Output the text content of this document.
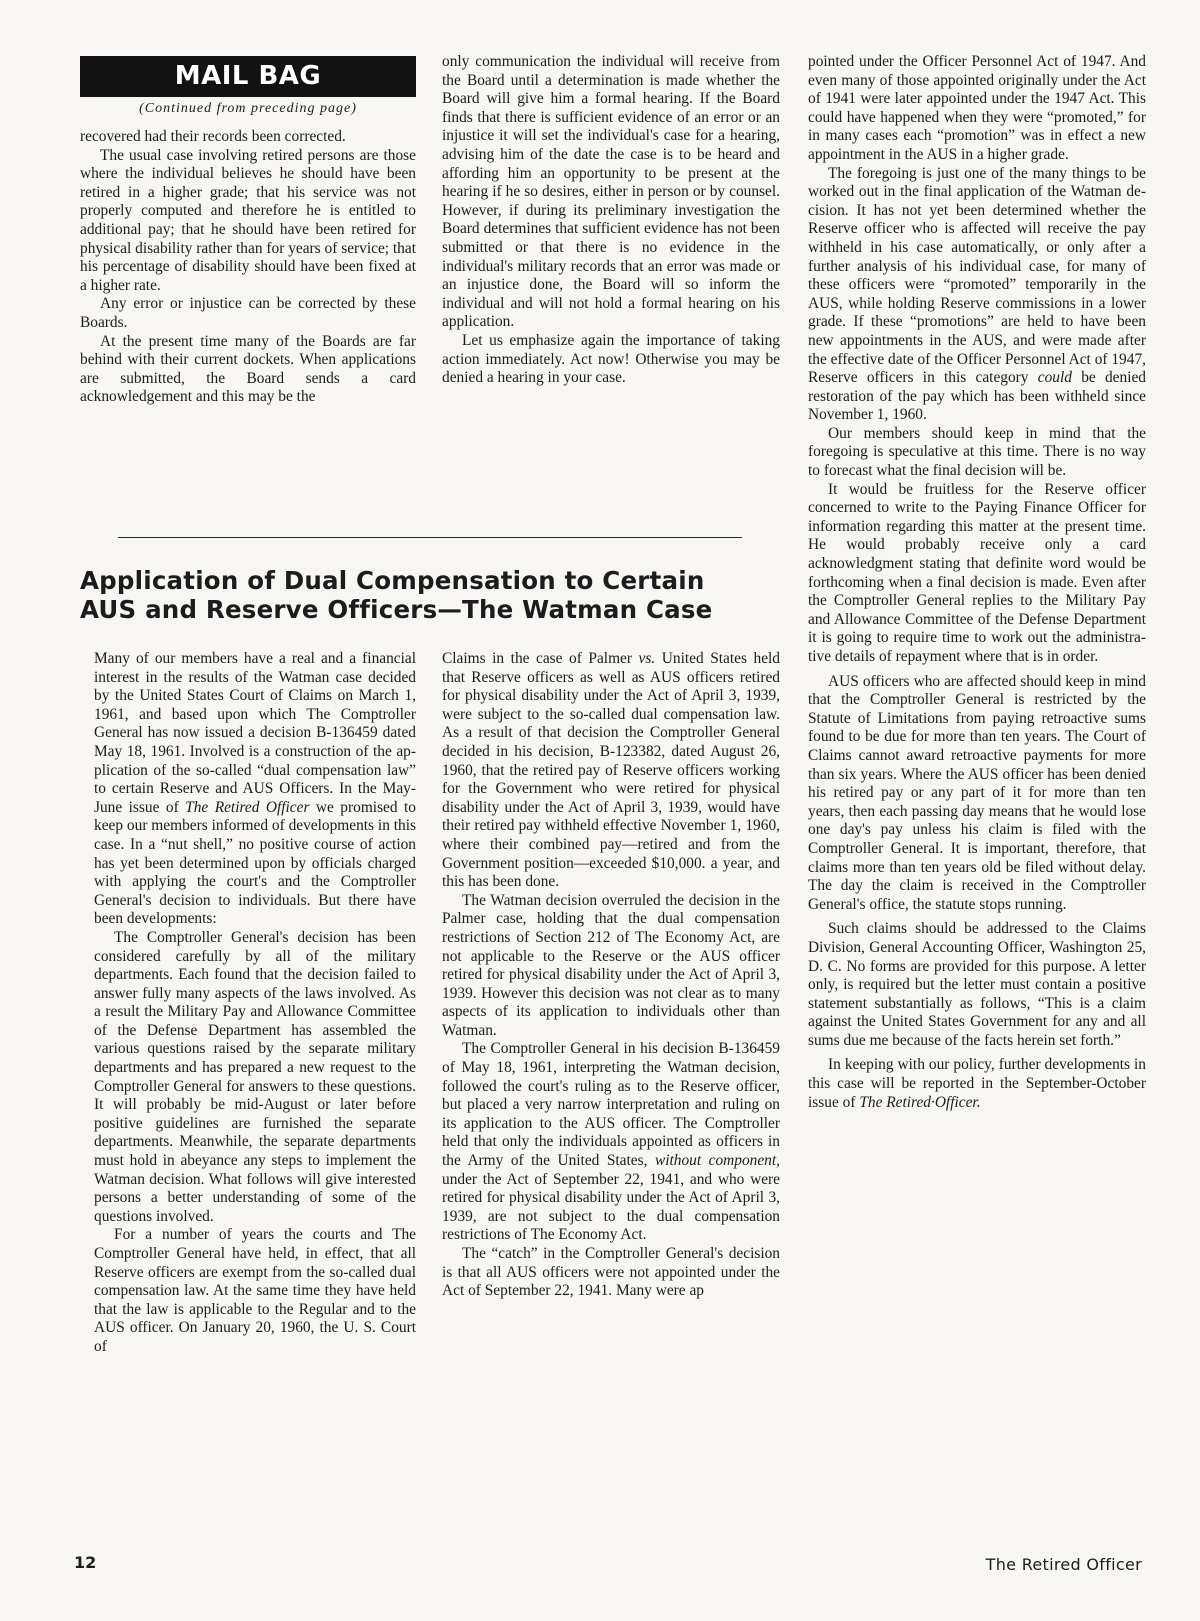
MAIL BAG
(Continued from preceding page)

recovered had their records been corrected.

The usual case involving retired persons are those where the individual believes he should have been retired in a higher grade; that his service was not properly computed and therefore he is entitled to additional pay; that he should have been retired for physical disability rather than for years of service; that his percentage of disability should have been fixed at a higher rate.

Any error or injustice can be corrected by these Boards.

At the present time many of the Boards are far behind with their current dockets. When applications are submitted, the Board sends a card acknowledgement and this may be the

only communication the individual will receive from the Board until a determination is made whether the Board will give him a formal hearing. If the Board finds that there is sufficient evidence of an error or an injustice it will set the individual's case for a hearing, advising him of the date the case is to be heard and affording him an opportunity to be present at the hearing if he so desires, either in person or by counsel. However, if during its preliminary investigation the Board determines that sufficient evidence has not been submitted or that there is no evidence in the individual's military records that an error was made or an injustice done, the Board will so inform the individual and will not hold a formal hearing on his application.

Let us emphasize again the importance of taking action immediately. Act now! Otherwise you may be denied a hearing in your case.

Application of Dual Compensation to Certain
AUS and Reserve Officers—The Watman Case

Many of our members have a real and a financial interest in the results of the Watman case decided by the United States Court of Claims on March 1, 1961, and based upon which The Comptroller General has now issued a decision B-136459 dated May 18, 1961. Involved is a construction of the application of the so-called “dual compensation law” to certain Reserve and AUS Officers. In the May-June issue of The Retired Officer we promised to keep our members informed of developments in this case. In a “nut shell,” no positive course of action has yet been determined upon by officials charged with applying the court's and the Comptroller General's decision to individuals. But there have been developments:

The Comptroller General's decision has been considered carefully by all of the military departments. Each found that the decision failed to answer fully many aspects of the laws involved. As a result the Military Pay and Allowance Committee of the Defense Department has assembled the various questions raised by the separate military departments and has prepared a new request to the Comptroller General for answers to these questions. It will probably be mid-August or later before positive guidelines are furnished the separate departments. Meanwhile, the separate departments must hold in abeyance any steps to implement the Watman decision. What follows will give interested persons a better understanding of some of the questions involved.

For a number of years the courts and The Comptroller General have held, in effect, that all Reserve officers are exempt from the so-called dual compensation law. At the same time they have held that the law is applicable to the Regular and to the AUS officer. On January 20, 1960, the U. S. Court of

Claims in the case of Palmer vs. United States held that Reserve officers as well as AUS officers retired for physical disability under the Act of April 3, 1939, were subject to the so-called dual compensation law. As a result of that decision the Comptroller General decided in his decision, B-123382, dated August 26, 1960, that the retired pay of Reserve officers working for the Government who were retired for physical disability under the Act of April 3, 1939, would have their retired pay withheld effective November 1, 1960, where their combined pay—retired and from the Government position—exceeded $10,000. a year, and this has been done.

The Watman decision overruled the decision in the Palmer case, holding that the dual compensation restrictions of Section 212 of The Economy Act, are not applicable to the Reserve or the AUS officer retired for physical disability under the Act of April 3, 1939. However this decision was not clear as to many aspects of its application to individuals other than Watman.

The Comptroller General in his decision B-136459 of May 18, 1961, interpreting the Watman decision, followed the court's ruling as to the Reserve officer, but placed a very narrow interpretation and ruling on its application to the AUS officer. The Comptroller held that only the individuals appointed as officers in the Army of the United States, without component, under the Act of September 22, 1941, and who were retired for physical disability under the Act of April 3, 1939, are not subject to the dual compensation restrictions of The Economy Act.

The “catch” in the Comptroller General's decision is that all AUS officers were not appointed under the Act of September 22, 1941. Many were ap

pointed under the Officer Personnel Act of 1947. And even many of those appointed originally under the Act of 1941 were later appointed under the 1947 Act. This could have happened when they were “promoted,” for in many cases each “promotion” was in effect a new appointment in the AUS in a higher grade.

The foregoing is just one of the many things to be worked out in the final application of the Watman decision. It has not yet been determined whether the Reserve officer who is affected will receive the pay withheld in his case automatically, or only after a further analysis of his individual case, for many of these officers were “promoted” temporarily in the AUS, while holding Reserve commissions in a lower grade. If these “promotions” are held to have been new appointments in the AUS, and were made after the effective date of the Officer Personnel Act of 1947, Reserve officers in this category could be denied restoration of the pay which has been withheld since November 1, 1960.

Our members should keep in mind that the foregoing is speculative at this time. There is no way to forecast what the final decision will be.

It would be fruitless for the Reserve officer concerned to write to the Paying Finance Officer for information regarding this matter at the present time. He would probably receive only a card acknowledgment stating that definite word would be forthcoming when a final decision is made. Even after the Comptroller General replies to the Military Pay and Allowance Committee of the Defense Department it is going to require time to work out the administrative details of repayment where that is in order.

AUS officers who are affected should keep in mind that the Comptroller General is restricted by the Statute of Limitations from paying retroactive sums found to be due for more than ten years. The Court of Claims cannot award retroactive payments for more than six years. Where the AUS officer has been denied his retired pay or any part of it for more than ten years, then each passing day means that he would lose one day's pay unless his claim is filed with the Comptroller General. It is important, therefore, that claims more than ten years old be filed without delay. The day the claim is received in the Comptroller General's office, the statute stops running.

Such claims should be addressed to the Claims Division, General Accounting Officer, Washington 25, D. C. No forms are provided for this purpose. A letter only, is required but the letter must contain a positive statement substantially as follows, “This is a claim against the United States Government for any and all sums due me because of the facts herein set forth.”

In keeping with our policy, further developments in this case will be reported in the September-October issue of The Retired·Officer.

12	The Retired Officer
